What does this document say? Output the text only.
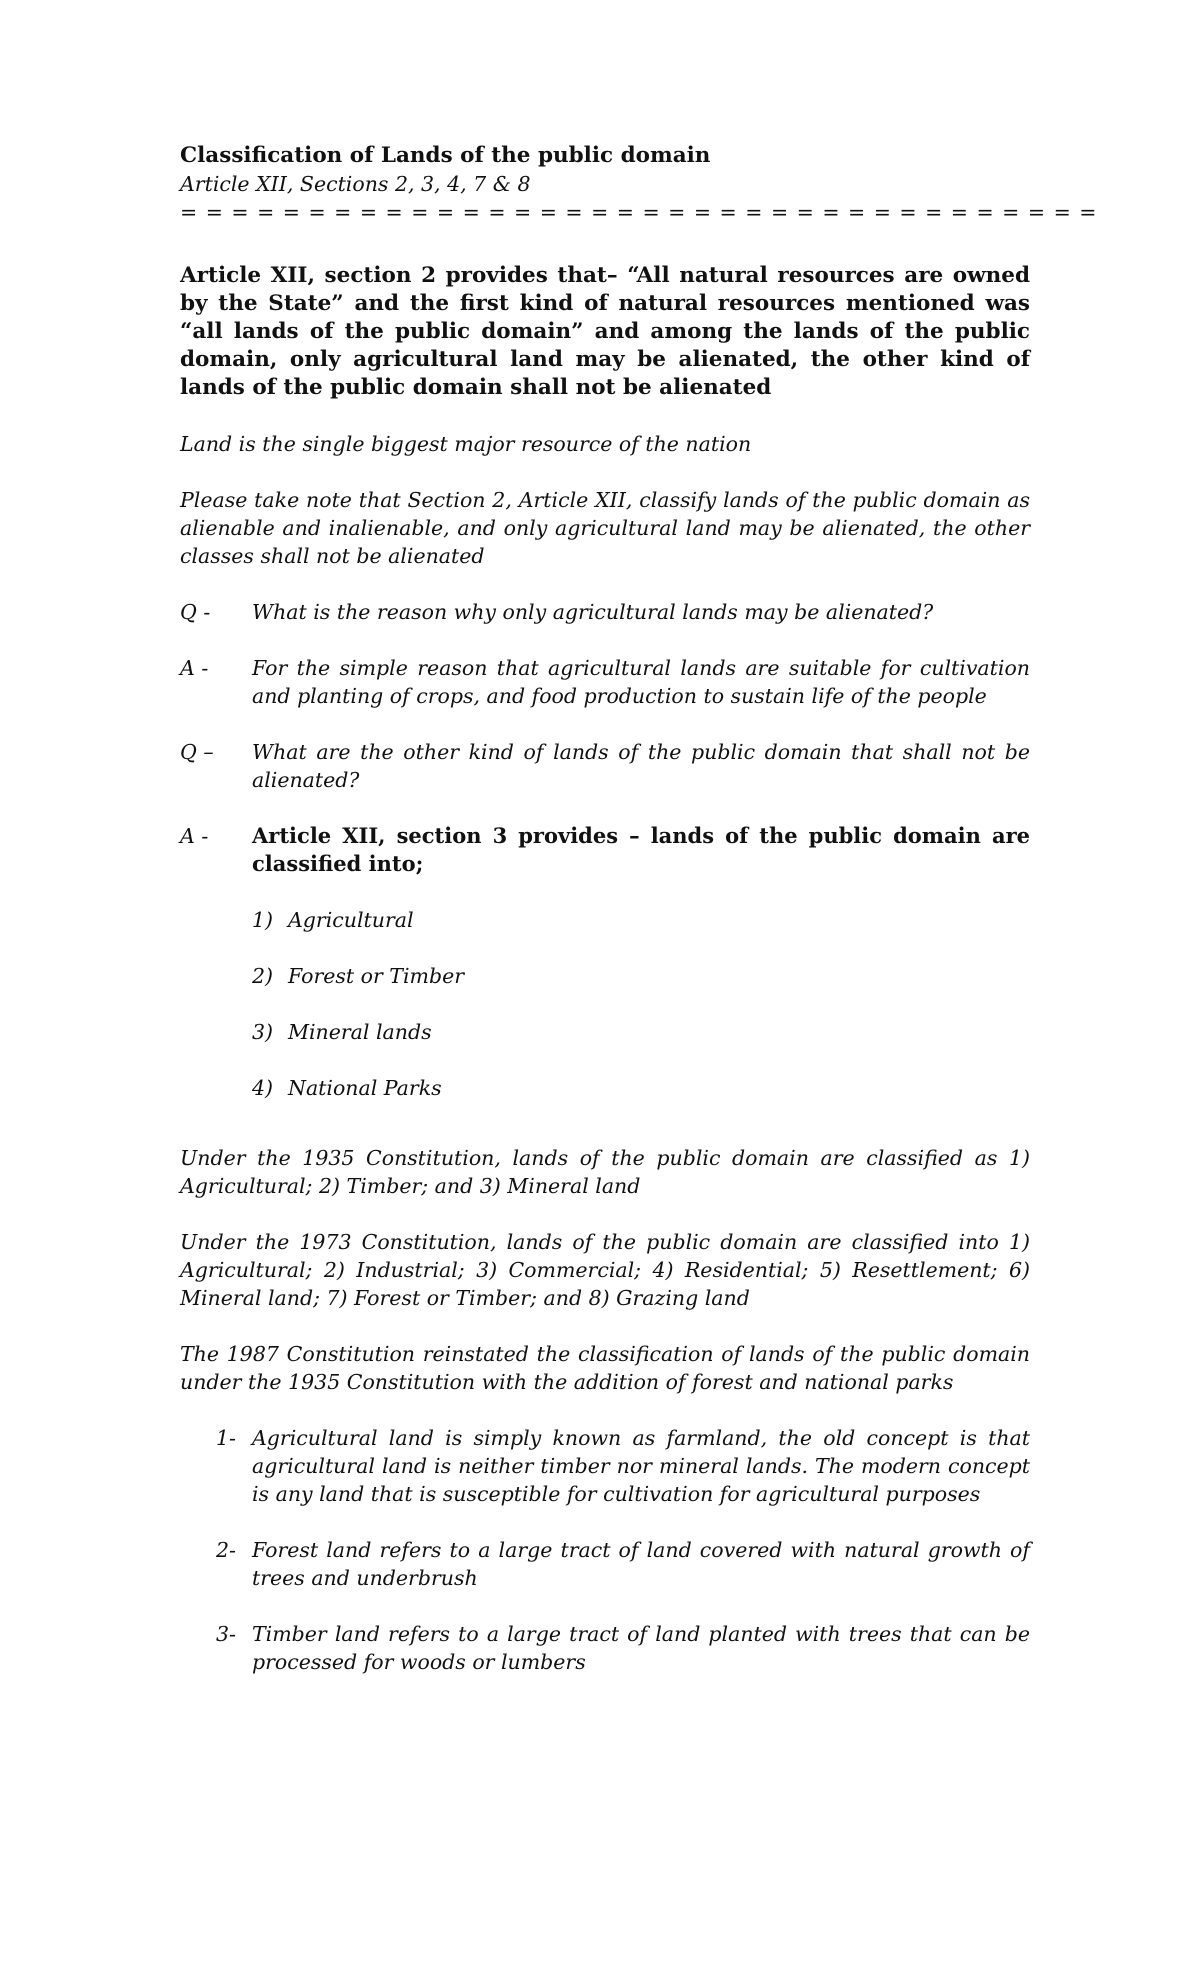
Classification of Lands of the public domain

Article XII, Sections 2, 3, 4, 7 & 8

= = = = = = = = = = = = = = = = = = = = = = = = = = = = = = = = = = = =

Article XII, section 2 provides that– “All natural resources are owned by the State” and the first kind of natural resources mentioned was “all lands of the public domain” and among the lands of the public domain, only agricultural land may be alienated, the other kind of lands of the public domain shall not be alienated

Land is the single biggest major resource of the nation

Please take note that Section 2, Article XII, classify lands of the public domain as alienable and inalienable, and only agricultural land may be alienated, the other classes shall not be alienated

Q -	What is the reason why only agricultural lands may be alienated?
A -	For the simple reason that agricultural lands are suitable for cultivation and planting of crops, and food production to sustain life of the people
Q –	What are the other kind of lands of the public domain that shall not be alienated?
A -	Article XII, section 3 provides – lands of the public domain are classified into;
1) Agricultural
2) Forest or Timber
3) Mineral lands
4) National Parks

Under the 1935 Constitution, lands of the public domain are classified as 1) Agricultural; 2) Timber; and 3) Mineral land

Under the 1973 Constitution, lands of the public domain are classified into 1) Agricultural; 2) Industrial; 3) Commercial; 4) Residential; 5) Resettlement; 6) Mineral land; 7) Forest or Timber; and 8) Grazing land

The 1987 Constitution reinstated the classification of lands of the public domain under the 1935 Constitution with the addition of forest and national parks

1- Agricultural land is simply known as farmland, the old concept is that agricultural land is neither timber nor mineral lands. The modern concept is any land that is susceptible for cultivation for agricultural purposes
2- Forest land refers to a large tract of land covered with natural growth of trees and underbrush
3- Timber land refers to a large tract of land planted with trees that can be processed for woods or lumbers
